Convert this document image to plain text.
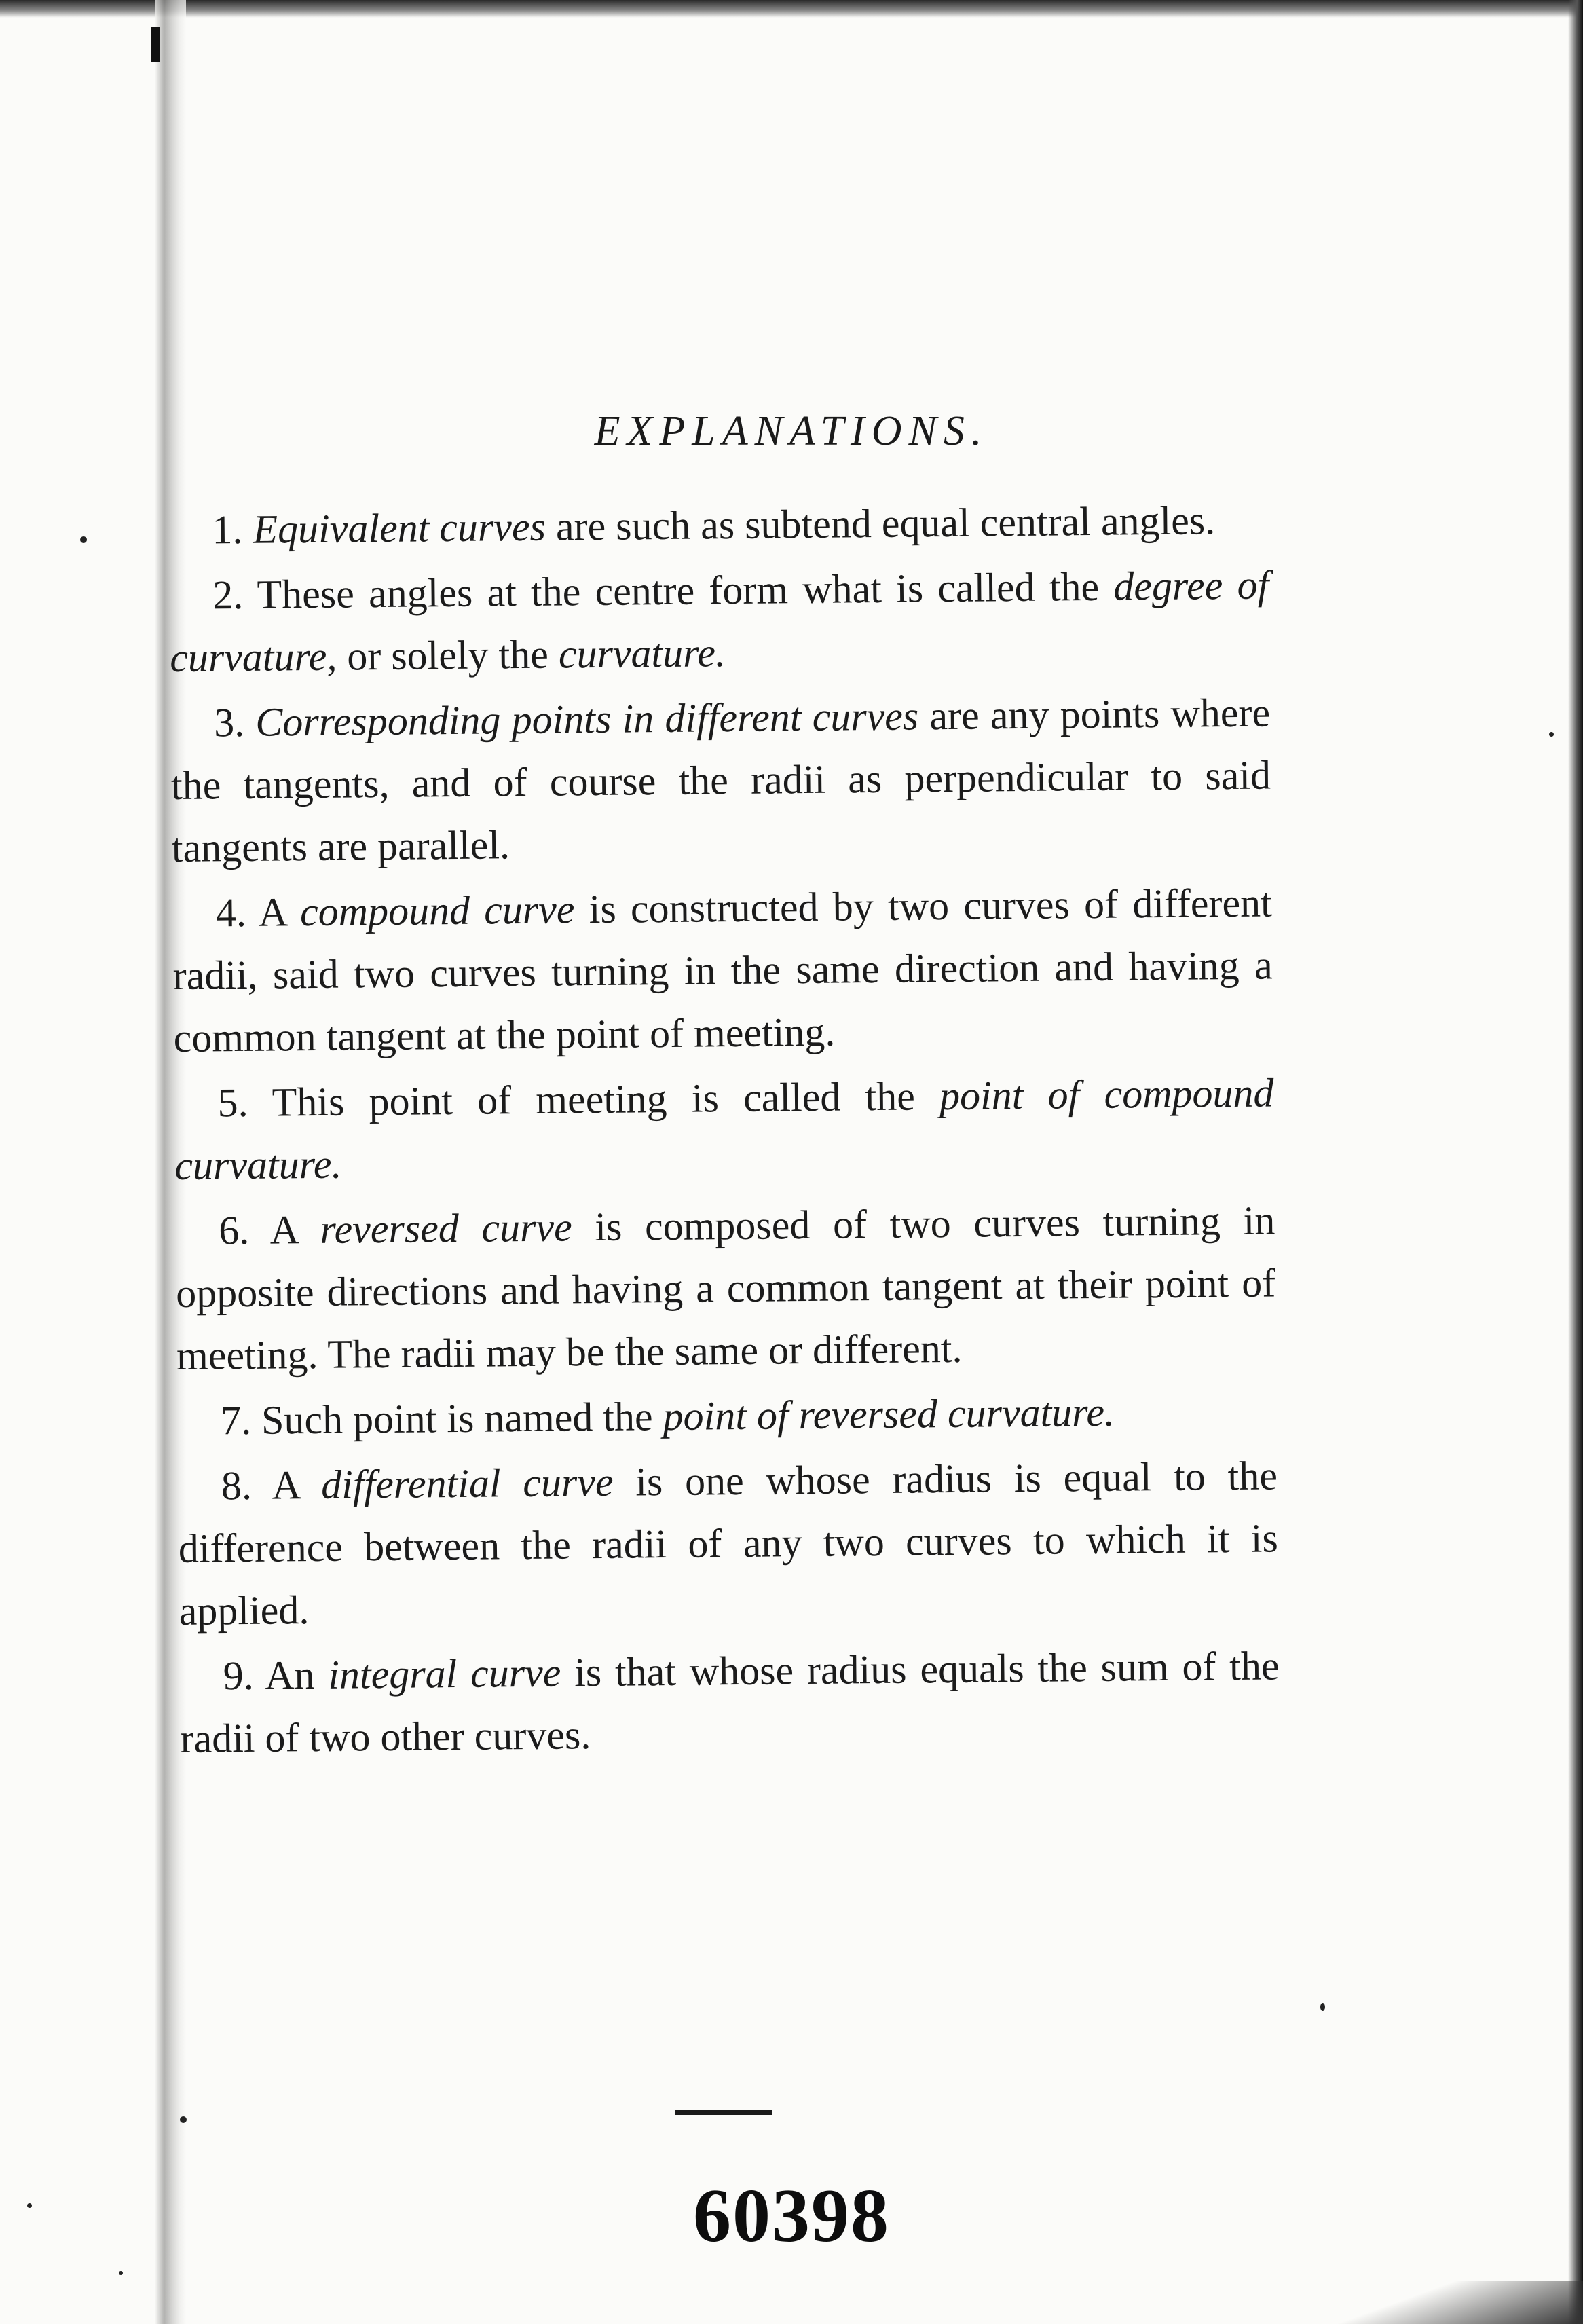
EXPLANATIONS.

1. Equivalent curves are such as subtend equal central angles.

2. These angles at the centre form what is called the degree of curvature, or solely the curvature.

3. Corresponding points in different curves are any points where the tangents, and of course the radii as perpendicular to said tangents are parallel.

4. A compound curve is constructed by two curves of different radii, said two curves turning in the same direction and having a common tangent at the point of meeting.

5. This point of meeting is called the point of compound curvature.

6. A reversed curve is composed of two curves turning in opposite directions and having a common tangent at their point of meeting. The radii may be the same or different.

7. Such point is named the point of reversed curvature.

8. A differential curve is one whose radius is equal to the difference between the radii of any two curves to which it is applied.

9. An integral curve is that whose radius equals the sum of the radii of two other curves.

60398
